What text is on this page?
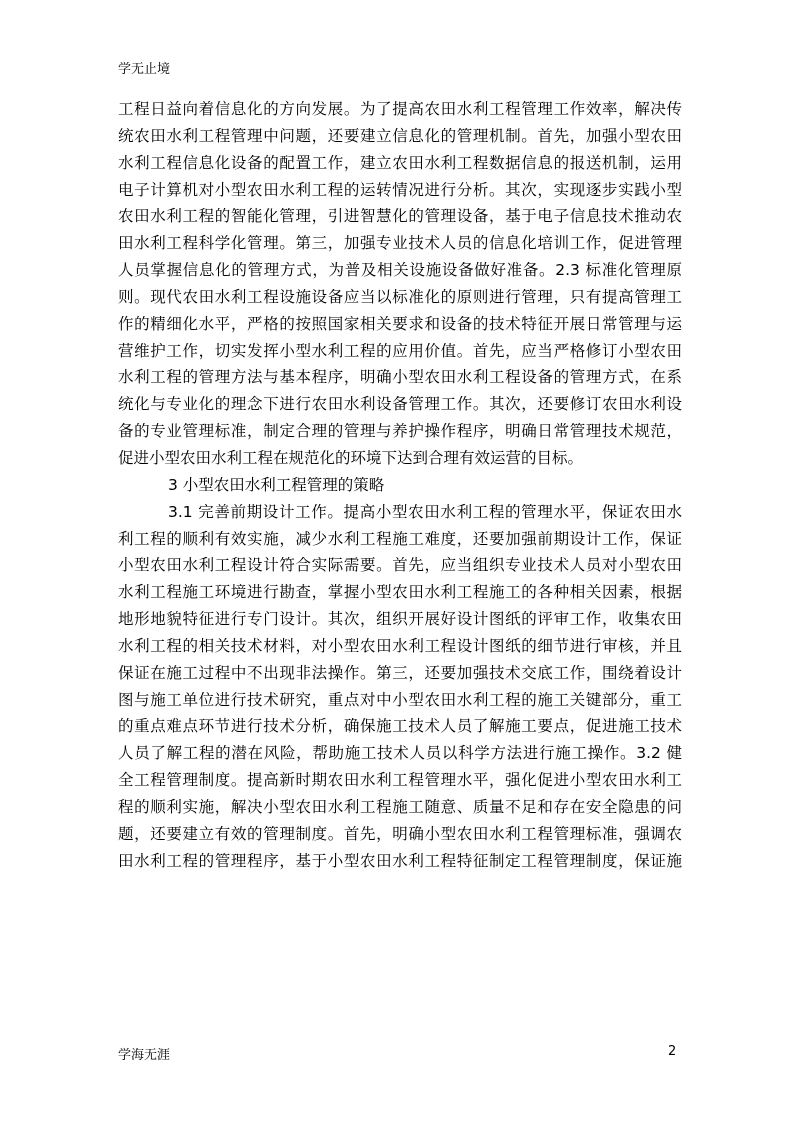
学无止境
工程日益向着信息化的方向发展。为了提高农田水利工程管理工作效率，解决传
统农田水利工程管理中问题，还要建立信息化的管理机制。首先，加强小型农田
水利工程信息化设备的配置工作，建立农田水利工程数据信息的报送机制，运用
电子计算机对小型农田水利工程的运转情况进行分析。其次，实现逐步实践小型
农田水利工程的智能化管理，引进智慧化的管理设备，基于电子信息技术推动农
田水利工程科学化管理。第三，加强专业技术人员的信息化培训工作，促进管理
人员掌握信息化的管理方式，为普及相关设施设备做好准备。2.3 标准化管理原
则。现代农田水利工程设施设备应当以标准化的原则进行管理，只有提高管理工
作的精细化水平，严格的按照国家相关要求和设备的技术特征开展日常管理与运
营维护工作，切实发挥小型水利工程的应用价值。首先，应当严格修订小型农田
水利工程的管理方法与基本程序，明确小型农田水利工程设备的管理方式，在系
统化与专业化的理念下进行农田水利设备管理工作。其次，还要修订农田水利设
备的专业管理标准，制定合理的管理与养护操作程序，明确日常管理技术规范，
促进小型农田水利工程在规范化的环境下达到合理有效运营的目标。
3 小型农田水利工程管理的策略
3.1 完善前期设计工作。提高小型农田水利工程的管理水平，保证农田水
利工程的顺利有效实施，减少水利工程施工难度，还要加强前期设计工作，保证
小型农田水利工程设计符合实际需要。首先，应当组织专业技术人员对小型农田
水利工程施工环境进行勘查，掌握小型农田水利工程施工的各种相关因素，根据
地形地貌特征进行专门设计。其次，组织开展好设计图纸的评审工作，收集农田
水利工程的相关技术材料，对小型农田水利工程设计图纸的细节进行审核，并且
保证在施工过程中不出现非法操作。第三，还要加强技术交底工作，围绕着设计
图与施工单位进行技术研究，重点对中小型农田水利工程的施工关键部分，重工
的重点难点环节进行技术分析，确保施工技术人员了解施工要点，促进施工技术
人员了解工程的潜在风险，帮助施工技术人员以科学方法进行施工操作。3.2 健
全工程管理制度。提高新时期农田水利工程管理水平，强化促进小型农田水利工
程的顺利实施，解决小型农田水利工程施工随意、质量不足和存在安全隐患的问
题，还要建立有效的管理制度。首先，明确小型农田水利工程管理标准，强调农
田水利工程的管理程序，基于小型农田水利工程特征制定工程管理制度，保证施
学海无涯	2
